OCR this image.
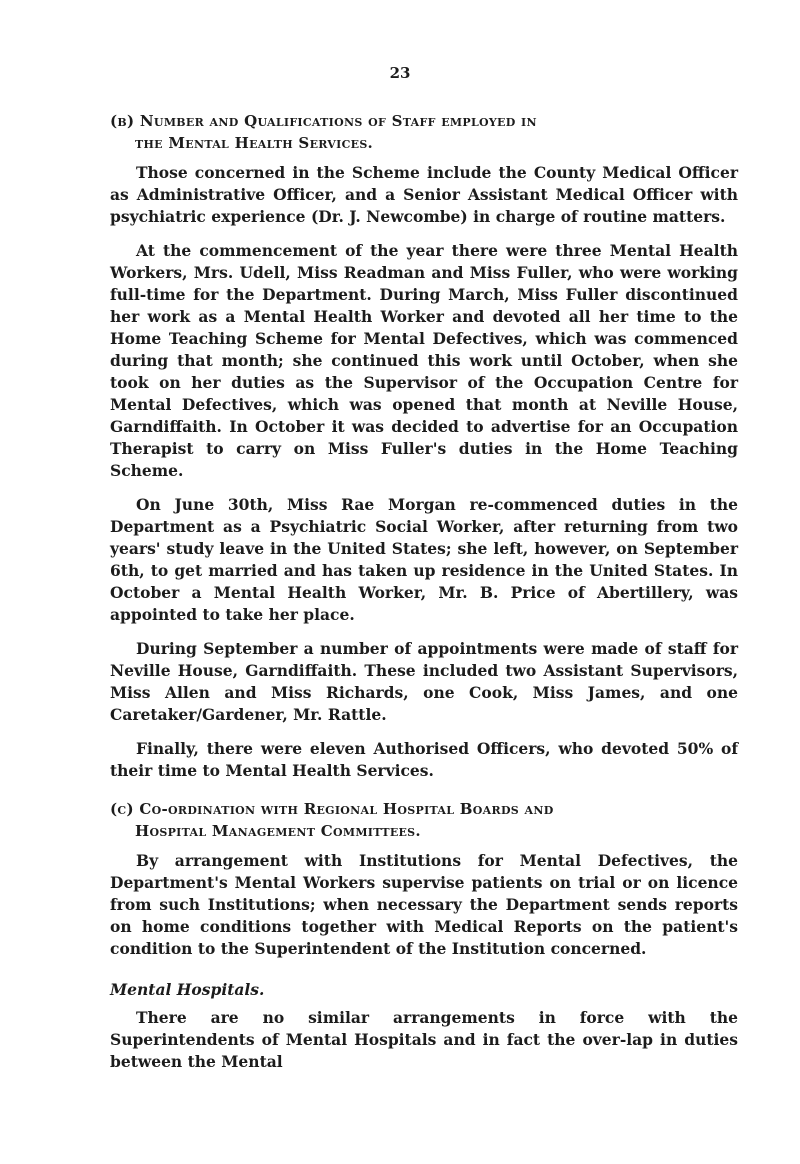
23
(b) Number and Qualifications of Staff employed in
the Mental Health Services.

Those concerned in the Scheme include the County Medical Officer as Administrative Officer, and a Senior Assistant Medical Officer with psychiatric experience (Dr. J. Newcombe) in charge of routine matters.

At the commencement of the year there were three Mental Health Workers, Mrs. Udell, Miss Readman and Miss Fuller, who were working full-time for the Department. During March, Miss Fuller discontinued her work as a Mental Health Worker and devoted all her time to the Home Teaching Scheme for Mental Defectives, which was commenced during that month; she continued this work until October, when she took on her duties as the Supervisor of the Occupation Centre for Mental Defectives, which was opened that month at Neville House, Garndiffaith. In October it was decided to advertise for an Occupation Therapist to carry on Miss Fuller's duties in the Home Teaching Scheme.

On June 30th, Miss Rae Morgan re-commenced duties in the Department as a Psychiatric Social Worker, after returning from two years' study leave in the United States; she left, however, on September 6th, to get married and has taken up residence in the United States. In October a Mental Health Worker, Mr. B. Price of Abertillery, was appointed to take her place.

During September a number of appointments were made of staff for Neville House, Garndiffaith. These included two Assistant Supervisors, Miss Allen and Miss Richards, one Cook, Miss James, and one Caretaker/Gardener, Mr. Rattle.

Finally, there were eleven Authorised Officers, who devoted 50% of their time to Mental Health Services.

(c) Co-ordination with Regional Hospital Boards and
Hospital Management Committees.

By arrangement with Institutions for Mental Defectives, the Department's Mental Workers supervise patients on trial or on licence from such Institutions; when necessary the Department sends reports on home conditions together with Medical Reports on the patient's condition to the Superintendent of the Institution concerned.

Mental Hospitals.

There are no similar arrangements in force with the Superintendents of Mental Hospitals and in fact the over-lap in duties between the Mental
